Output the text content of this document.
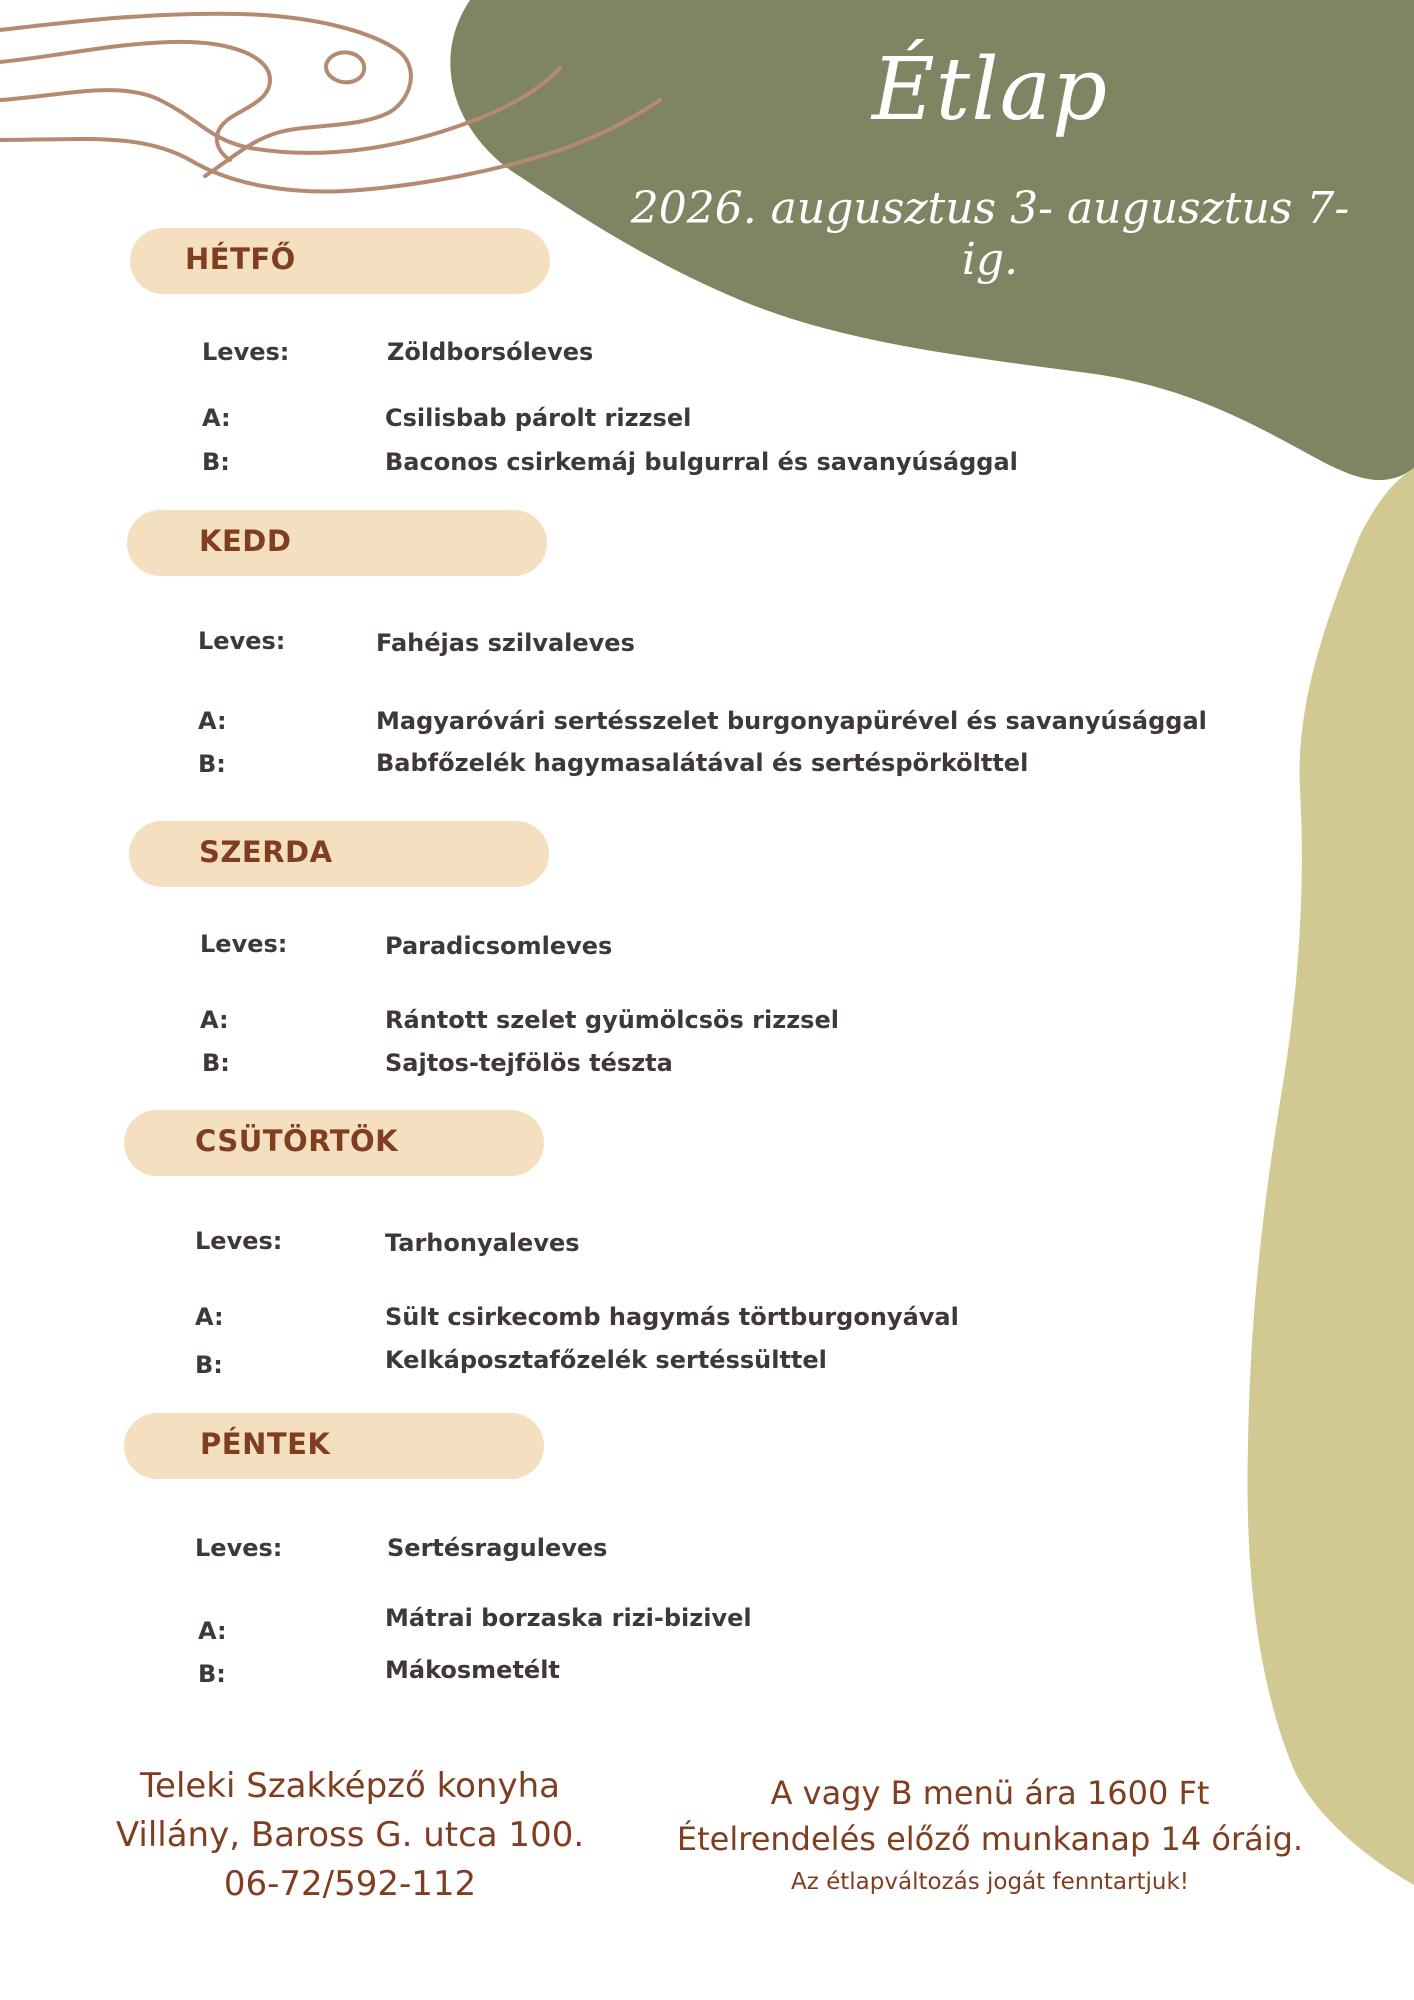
Étlap
2026. augusztus 3- augusztus 7-ig.
HÉTFŐ
Leves:	Zöldborsóleves
A:	Csilisbab párolt rizzsel
B:	Baconos csirkemáj bulgurral és savanyúsággal
KEDD
Leves:	Fahéjas szilvaleves
A:	Magyaróvári sertésszelet burgonyapürével és savanyúsággal
B:	Babfőzelék hagymasalátával és sertéspörkölttel
SZERDA
Leves:	Paradicsomleves
A:	Rántott szelet gyümölcsös rizzsel
B:	Sajtos-tejfölös tészta
CSÜTÖRTÖK
Leves:	Tarhonyaleves
A:	Sült csirkecomb hagymás törtburgonyával
B:	Kelkáposztafőzelék sertéssülttel
PÉNTEK
Leves:	Sertésraguleves
A:	Mátrai borzaska rizi-bizivel
B:	Mákosmetélt
Teleki Szakképző konyha
Villány, Baross G. utca 100.
06-72/592-112
A vagy B menü ára 1600 Ft
Ételrendelés előző munkanap 14 óráig.
Az étlapváltozás jogát fenntartjuk!
